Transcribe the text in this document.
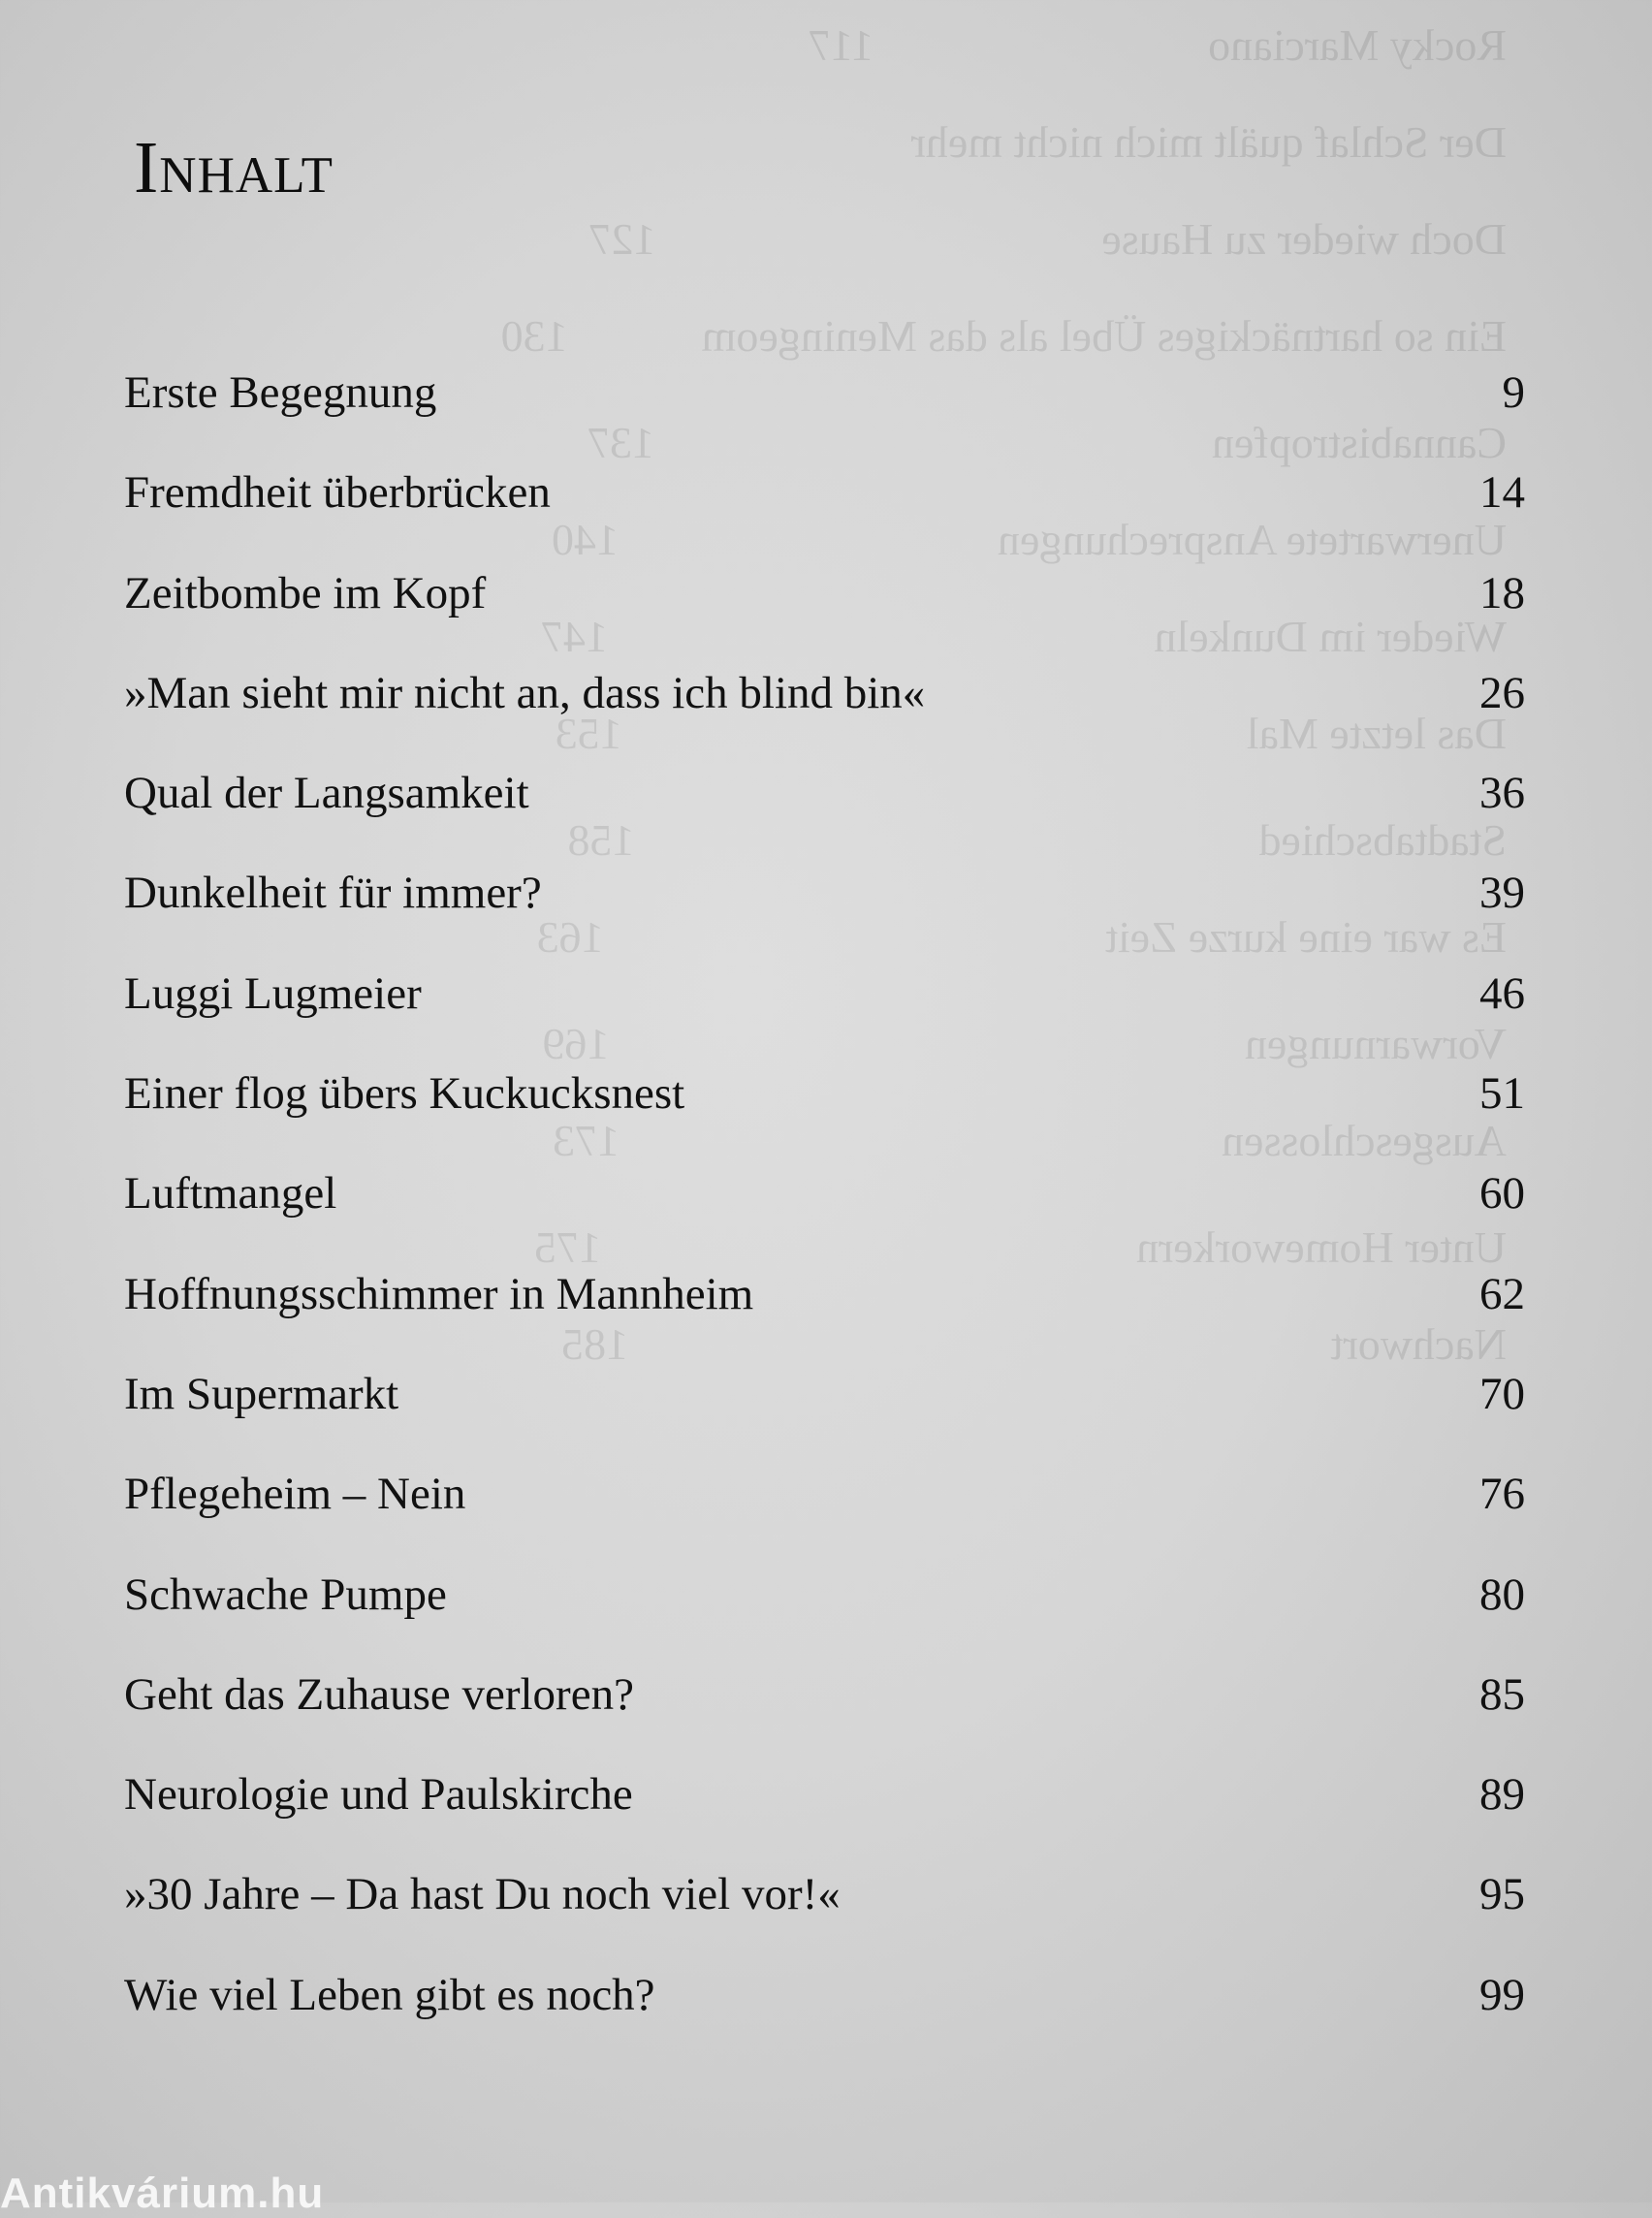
Rocky Marciano                              117
Der Schlaf quält mich nicht mehr
Doch wieder zu Hause                                        127
Ein so hartnäckiges Übel als das Meningeom            130
Cannabistropfen                                                  137
Unerwartete Ansprechungen                                  140
Wieder im Dunkeln                                                 147
Das letzte Mal                                                        153
Stadtabschied                                                        158
Es war eine kurze Zeit                                             163
Vorwarnungen                                                         169
Ausgeschlossen                                                      173
Unter Homeworkern                                                175
Nachwort                                                               185
Inhalt
Erste Begegnung	9
Fremdheit überbrücken	14
Zeitbombe im Kopf	18
»Man sieht mir nicht an, dass ich blind bin«	26
Qual der Langsamkeit	36
Dunkelheit für immer?	39
Luggi Lugmeier	46
Einer flog übers Kuckucksnest	51
Luftmangel	60
Hoffnungsschimmer in Mannheim	62
Im Supermarkt	70
Pflegeheim – Nein	76
Schwache Pumpe	80
Geht das Zuhause verloren?	85
Neurologie und Paulskirche	89
»30 Jahre – Da hast Du noch viel vor!«	95
Wie viel Leben gibt es noch?	99
Antikvárium.hu
